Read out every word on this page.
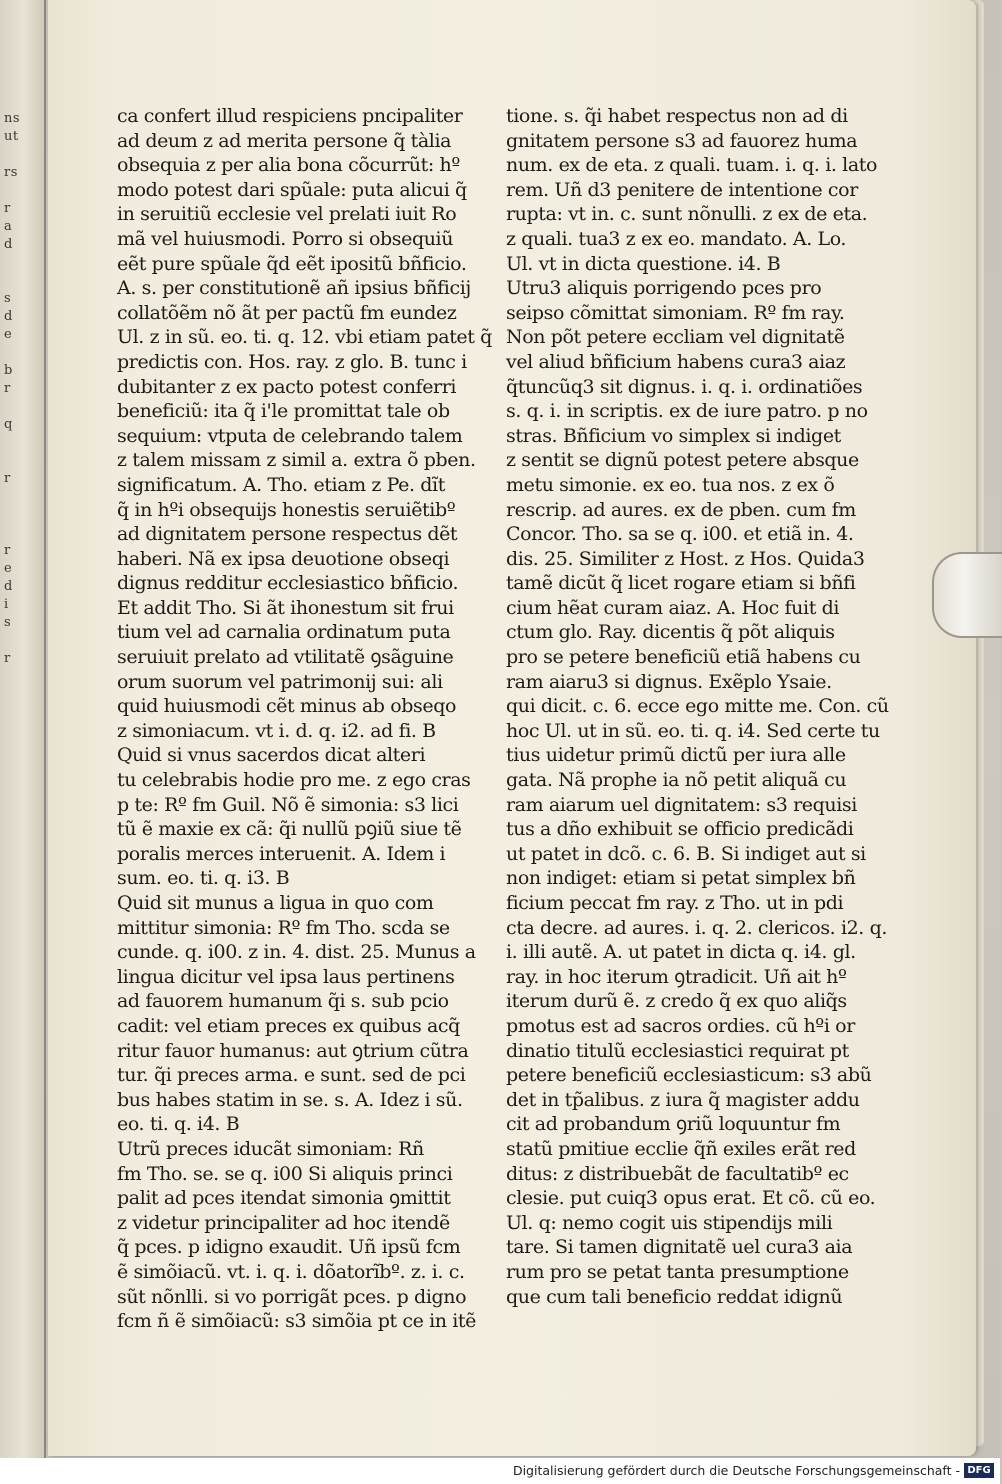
ns
ut

rs

r
a
d

s
d
e

b
r

q

r

r
e
d
i
s

r
ca confert illud respiciens pncipaliter
ad deum z ad merita persone q̃ tàlia
obsequia z per alia bona cõcurrũt: hº
modo potest dari spũale: puta alicui q̃
in seruitiũ ecclesie vel prelati iuit Ro
mã vel huiusmodi. Porro si obsequiũ
eẽt pure spũale q̃d eẽt ipositũ bñficio.
A. s. per constitutionẽ añ ipsius bñficij
collatõẽm nõ ãt per pactũ fm eundez
Ul. z in sũ. eo. ti. q. 12. vbi etiam patet q̃
predictis con. Hos. ray. z glo. B. tunc i
dubitanter z ex pacto potest conferri
beneficiũ: ita q̃ i'le promittat tale ob
sequium: vtputa de celebrando talem
z talem missam z simil a. extra õ pben.
significatum. A. Tho. etiam z Pe. dĩt
q̃ in hºi obsequijs honestis seruiẽtibº
ad dignitatem persone respectus dẽt
haberi. Nã ex ipsa deuotione obseqi
dignus redditur ecclesiastico bñficio.
Et addit Tho. Si ãt ihonestum sit frui
tium vel ad carnalia ordinatum puta
seruiuit prelato ad vtilitatẽ ꝯsãguine
orum suorum vel patrimonij sui: ali
quid huiusmodi cẽt minus ab obseqo
z simoniacum. vt i. d. q. i2. ad fi. B
Quid si vnus sacerdos dicat alteri
tu celebrabis hodie pro me. z ego cras
p te: Rº fm Guil. Nõ ẽ simonia: s3 lici
tũ ẽ maxie ex cã: q̃i nullũ pꝯiũ siue tẽ
poralis merces interuenit. A. Idem i
sum. eo. ti. q. i3. B
Quid sit munus a ligua in quo com
mittitur simonia: Rº fm Tho. scda se
cunde. q. i00. z in. 4. dist. 25. Munus a
lingua dicitur vel ipsa laus pertinens
ad fauorem humanum q̃i s. sub pcio
cadit: vel etiam preces ex quibus acq̃
ritur fauor humanus: aut ꝯtrium cũtra
tur. q̃i preces arma. e sunt. sed de pci
bus habes statim in se. s. A. Idez i sũ.
eo. ti. q. i4. B
Utrũ preces iducãt simoniam: Rñ
fm Tho. se. se q. i00 Si aliquis princi
palit ad pces itendat simonia ꝯmittit
z videtur principaliter ad hoc itendẽ
q̃ pces. p idigno exaudit. Uñ ipsũ fcm
ẽ simõiacũ. vt. i. q. i. dõatorĩbº. z. i. c.
sũt nõnlli. si vo porrigãt pces. p digno
fcm ñ ẽ simõiacũ: s3 simõia pt ce in itẽ
tione. s. q̃i habet respectus non ad di
gnitatem persone s3 ad fauorez huma
num. ex de eta. z quali. tuam. i. q. i. lato
rem. Uñ d3 penitere de intentione cor
rupta: vt in. c. sunt nõnulli. z ex de eta.
z quali. tua3 z ex eo. mandato. A. Lo.
Ul. vt in dicta questione. i4. B
Utru3 aliquis porrigendo pces pro
seipso cõmittat simoniam. Rº fm ray.
Non põt petere eccliam vel dignitatẽ
vel aliud bñficium habens cura3 aiaz
q̃tuncũq3 sit dignus. i. q. i. ordinatiões
s. q. i. in scriptis. ex de iure patro. p no
stras. Bñficium vo simplex si indiget
z sentit se dignũ potest petere absque
metu simonie. ex eo. tua nos. z ex õ
rescrip. ad aures. ex de pben. cum fm
Concor. Tho. sa se q. i00. et etiã in. 4.
dis. 25. Similiter z Host. z Hos. Quida3
tamẽ dicũt q̃ licet rogare etiam si bñfi
cium hẽat curam aiaz. A. Hoc fuit di
ctum glo. Ray. dicentis q̃ põt aliquis
pro se petere beneficiũ etiã habens cu
ram aiaru3 si dignus. Exẽplo Ysaie.
qui dicit. c. 6. ecce ego mitte me. Con. cũ
hoc Ul. ut in sũ. eo. ti. q. i4. Sed certe tu
tius uidetur primũ dictũ per iura alle
gata. Nã prophe ia nõ petit aliquã cu
ram aiarum uel dignitatem: s3 requisi
tus a dño exhibuit se officio predicãdi
ut patet in dcõ. c. 6. B. Si indiget aut si
non indiget: etiam si petat simplex bñ
ficium peccat fm ray. z Tho. ut in pdi
cta decre. ad aures. i. q. 2. clericos. i2. q.
i. illi autẽ. A. ut patet in dicta q. i4. gl.
ray. in hoc iterum ꝯtradicit. Uñ ait hº
iterum durũ ẽ. z credo q̃ ex quo aliq̃s
pmotus est ad sacros ordies. cũ hºi or
dinatio titulũ ecclesiastici requirat pt
petere beneficiũ ecclesiasticum: s3 abũ
det in tp̃alibus. z iura q̃ magister addu
cit ad probandum ꝯriũ loquuntur fm
statũ pmitiue ecclie q̃ñ exiles erãt red
ditus: z distribuebãt de facultatibº ec
clesie. put cuiq3 opus erat. Et cõ. cũ eo.
Ul. q: nemo cogit uis stipendijs mili
tare. Si tamen dignitatẽ uel cura3 aia
rum pro se petat tanta presumptione
que cum tali beneficio reddat idignũ
Digitalisierung gefördert durch die Deutsche Forschungsgemeinschaft - DFG
